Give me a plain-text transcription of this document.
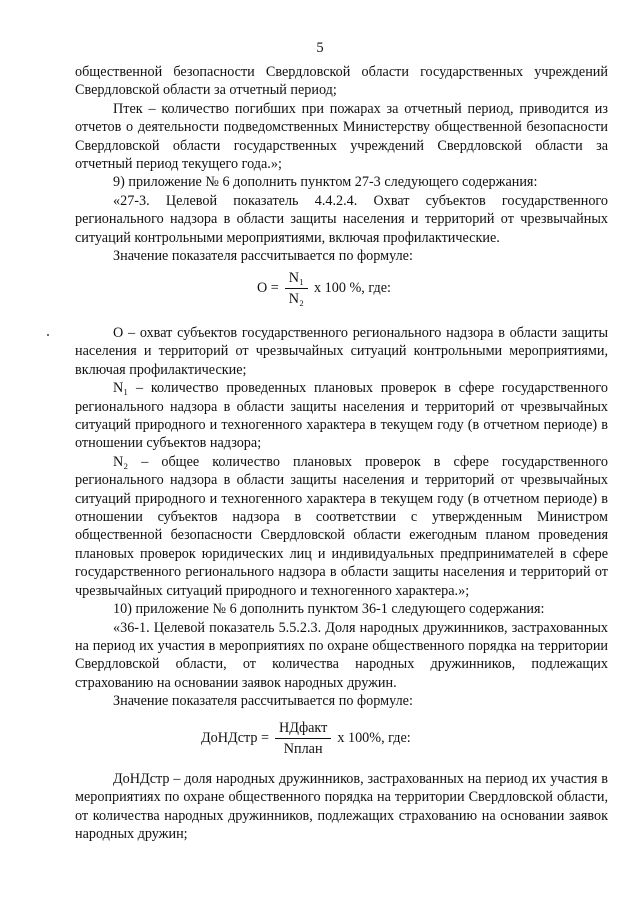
5

общественной безопасности Свердловской области государственных учреждений Свердловской области за отчетный период;

Птек – количество погибших при пожарах за отчетный период, приводится из отчетов о деятельности подведомственных Министерству общественной безопасности Свердловской области государственных учреждений Свердловской области за отчетный период текущего года.»;

9) приложение № 6 дополнить пунктом 27-3 следующего содержания:

«27-3. Целевой показатель 4.4.2.4. Охват субъектов государственного регионального надзора в области защиты населения и территорий от чрезвычайных ситуаций контрольными мероприятиями, включая профилактические.

Значение показателя рассчитывается по формуле:

$О = \frac{\text{N₁}}{\text{N₂}}$ х 100 %, где:

О – охват субъектов государственного регионального надзора в области защиты населения и территорий от чрезвычайных ситуаций контрольными мероприятиями, включая профилактические;

N₁ – количество проведенных плановых проверок в сфере государственного регионального надзора в области защиты населения и территорий от чрезвычайных ситуаций природного и техногенного характера в текущем году (в отчетном периоде) в отношении субъектов надзора;

N₂ – общее количество плановых проверок в сфере государственного регионального надзора в области защиты населения и территорий от чрезвычайных ситуаций природного и техногенного характера в текущем году (в отчетном периоде) в отношении субъектов надзора в соответствии с утвержденным Министром общественной безопасности Свердловской области ежегодным планом проведения плановых проверок юридических лиц и индивидуальных предпринимателей в сфере государственного регионального надзора в области защиты населения и территорий от чрезвычайных ситуаций природного и техногенного характера.»;

10) приложение № 6 дополнить пунктом 36-1 следующего содержания:

«36-1. Целевой показатель 5.5.2.3. Доля народных дружинников, застрахованных на период их участия в мероприятиях по охране общественного порядка на территории Свердловской области, от количества народных дружинников, подлежащих страхованию на основании заявок народных дружин.

Значение показателя рассчитывается по формуле:

ДоНДстр = $\frac{\text{НДфакт}}{\text{Nплан}}$ х 100%, где:

ДоНДстр – доля народных дружинников, застрахованных на период их участия в мероприятиях по охране общественного порядка на территории Свердловской области, от количества народных дружинников, подлежащих страхованию на основании заявок народных дружин;
